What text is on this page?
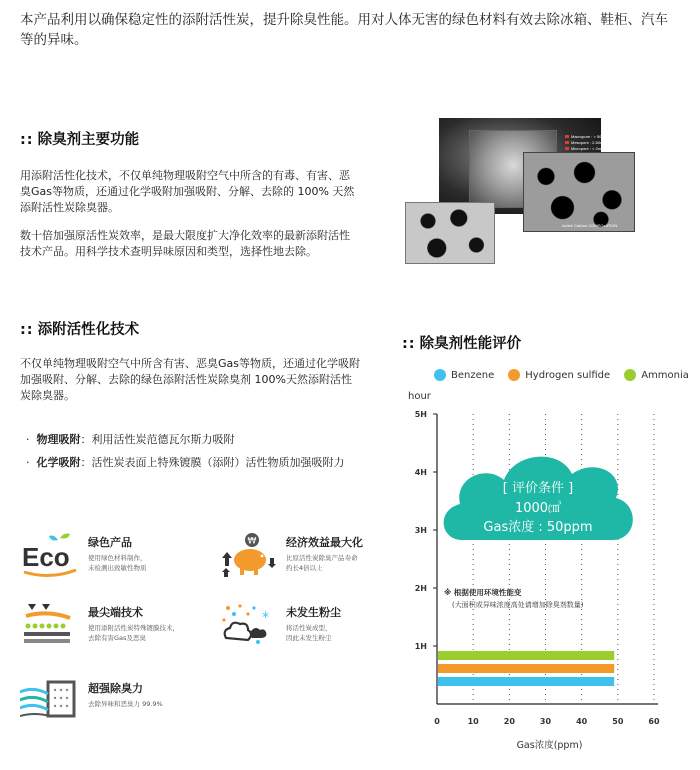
本产品利用以确保稳定性的添附活性炭，提升除臭性能。用对人体无害的绿色材料有效去除冰箱、鞋柜、汽车等的异味。
:: 除臭剂主要功能
用添附活性化技术，不仅单纯物理吸附空气中所含的有毒、有害、恶臭Gas等物质，还通过化学吸附加强吸附、分解、去除的 100% 天然添附活性炭除臭器。
数十倍加强原活性炭效率，是最大限度扩大净化效率的最新添附活性技术产品。用科学技术查明异味原因和类型，选择性地去除。
Active Carbon COMPOsATION
Macropore : > 50nm
Mesopore : 2-50nm
Micropore : < 2nm
:: 添附活性化技术
不仅单纯物理吸附空气中所含有害、恶臭Gas等物质，还通过化学吸附加强吸附、分解、去除的绿色添附活性炭除臭剂 100%天然添附活性炭除臭器。
·  物理吸附：利用活性炭范德瓦尔斯力吸附
·  化学吸附：活性炭表面上特殊镀膜（添附）活性物质加强吸附力
Eco 绿色产品
使用绿色材料制作，
未检测出致敏性物质
₩	经济效益最大化
比原活性炭除臭产品寿命
约长4倍以上
最尖端技术
使用添附活性炭特殊镀膜技术，
去除有害Gas及恶臭
* 未发生粉尘
将活性炭成型，
因此未发生粉尘
超强除臭力
去除异味和恶臭力 99.9%
:: 除臭剂性能评价
Benzene	Hydrogen sulfide	Ammonia
hour
1H
2H
3H
4H
5H
0	10	20	30	40	50	60
Gas浓度(ppm)
[ 评价条件 ]
1000㎤
Gas浓度 : 50ppm
※ 根据使用环境性能变
(大面积或异味浓度高处请增加除臭剂数量)
